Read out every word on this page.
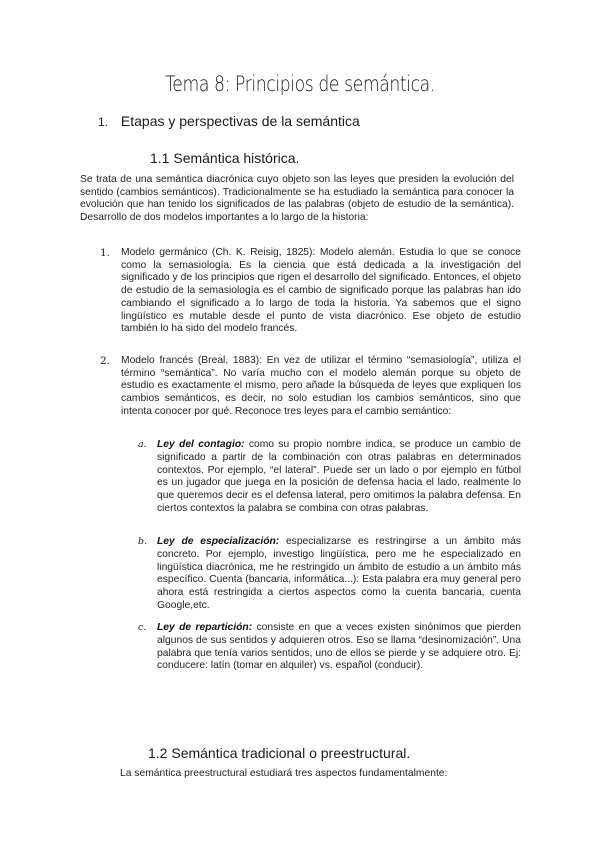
Tema 8: Principios de semántica.
1. Etapas y perspectivas de la semántica
1.1 Semántica histórica.
Se trata de una semántica diacrónica cuyo objeto son las leyes que presiden la evolución del sentido (cambios semánticos). Tradicionalmente se ha estudiado la semántica para conocer la evolución que han tenido los significados de las palabras (objeto de estudio de la semántica). Desarrollo de dos modelos importantes a lo largo de la historia:
1. Modelo germánico (Ch. K. Reisig, 1825): Modelo alemán. Estudia lo que se conoce como la semasiología. Es la ciencia que está dedicada a la investigación del significado y de los principios que rigen el desarrollo del significado. Entonces, el objeto de estudio de la semasiología es el cambio de significado porque las palabras han ido cambiando el significado a lo largo de toda la historia. Ya sabemos que el signo lingüístico es mutable desde el punto de vista diacrónico. Ese objeto de estudio también lo ha sido del modelo francés.
2. Modelo francés (Breal, 1883): En vez de utilizar el término “semasiología”, utiliza el término “semántica”. No varía mucho con el modelo alemán porque su objeto de estudio es exactamente el mismo, pero añade la búsqueda de leyes que expliquen los cambios semánticos, es decir, no solo estudian los cambios semánticos, sino que intenta conocer por qué. Reconoce tres leyes para el cambio semántico:
a. Ley del contagio: como su propio nombre indica, se produce un cambio de significado a partir de la combinación con otras palabras en determinados contextos. Por ejemplo, “el lateral”. Puede ser un lado o por ejemplo en fútbol es un jugador que juega en la posición de defensa hacia el lado, realmente lo que queremos decir es el defensa lateral, pero omitimos la palabra defensa. En ciertos contextos la palabra se combina con otras palabras.
b. Ley de especialización: especializarse es restringirse a un ámbito más concreto. Por ejemplo, investigo lingüística, pero me he especializado en lingüística diacrónica, me he restringido un ámbito de estudio a un ámbito más específico. Cuenta (bancaria, informática...): Esta palabra era muy general pero ahora está restringida a ciertos aspectos como la cuenta bancaria, cuenta Google,etc.
c. Ley de repartición: consiste en que a veces existen sinónimos que pierden algunos de sus sentidos y adquieren otros. Eso se llama “desinomización”. Una palabra que tenía varios sentidos, uno de ellos se pierde y se adquiere otro. Ej: conducere: latín (tomar en alquiler) vs. español (conducir).
1.2 Semántica tradicional o preestructural.
La semántica preestructural estudiará tres aspectos fundamentalmente:
